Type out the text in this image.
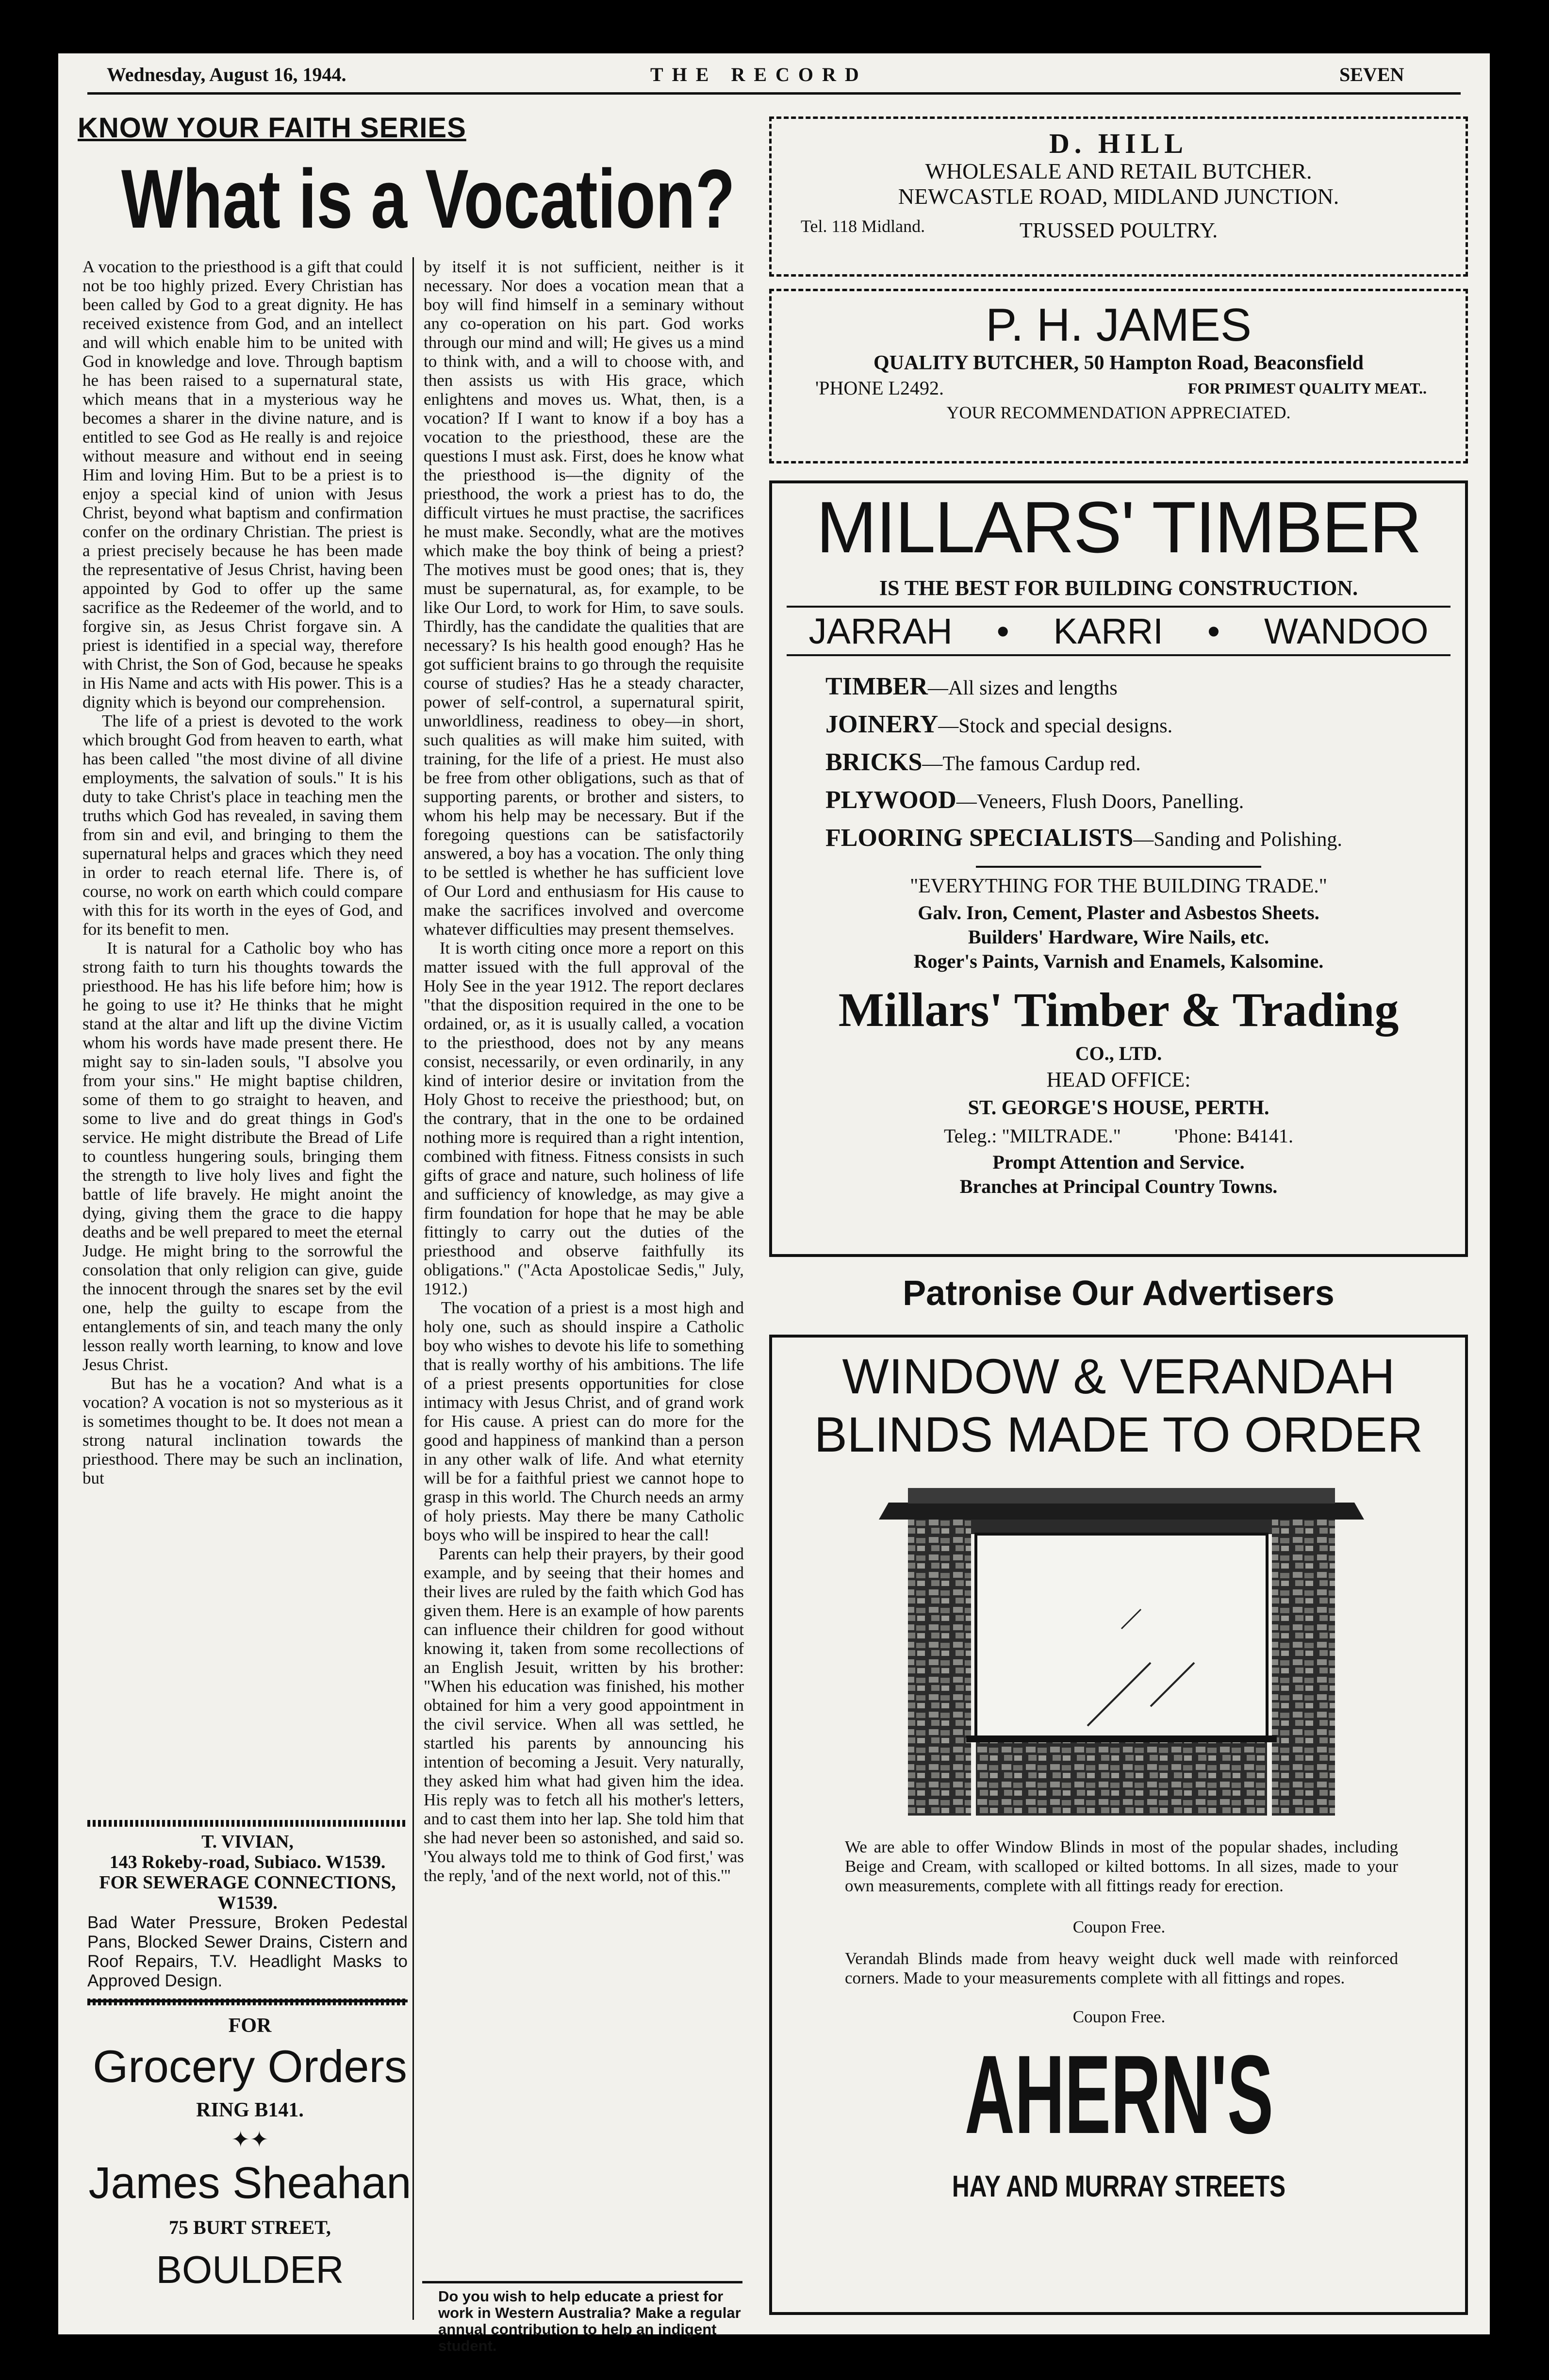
Wednesday, August 16, 1944.	THE RECORD	SEVEN
KNOW YOUR FAITH SERIES
What is a Vocation?

A vocation to the priesthood is a gift that could not be too highly prized. Every Christian has been called by God to a great dignity. He has received existence from God, and an intellect and will which enable him to be united with God in knowledge and love. Through baptism he has been raised to a supernatural state, which means that in a mysterious way he becomes a sharer in the divine nature, and is entitled to see God as He really is and rejoice without measure and without end in seeing Him and loving Him. But to be a priest is to enjoy a special kind of union with Jesus Christ, beyond what baptism and confirmation confer on the ordinary Christian. The priest is a priest precisely because he has been made the representative of Jesus Christ, having been appointed by God to offer up the same sacrifice as the Redeemer of the world, and to forgive sin, as Jesus Christ forgave sin. A priest is identified in a special way, therefore with Christ, the Son of God, because he speaks in His Name and acts with His power. This is a dignity which is beyond our comprehension.
The life of a priest is devoted to the work which brought God from heaven to earth, what has been called "the most divine of all divine employments, the salvation of souls." It is his duty to take Christ's place in teaching men the truths which God has revealed, in saving them from sin and evil, and bringing to them the supernatural helps and graces which they need in order to reach eternal life. There is, of course, no work on earth which could compare with this for its worth in the eyes of God, and for its benefit to men.
It is natural for a Catholic boy who has strong faith to turn his thoughts towards the priesthood. He has his life before him; how is he going to use it? He thinks that he might stand at the altar and lift up the divine Victim whom his words have made present there. He might say to sin-laden souls, "I absolve you from your sins." He might baptise children, some of them to go straight to heaven, and some to live and do great things in God's service. He might distribute the Bread of Life to countless hungering souls, bringing them the strength to live holy lives and fight the battle of life bravely. He might anoint the dying, giving them the grace to die happy deaths and be well prepared to meet the eternal Judge. He might bring to the sorrowful the consolation that only religion can give, guide the innocent through the snares set by the evil one, help the guilty to escape from the entanglements of sin, and teach many the only lesson really worth learning, to know and love Jesus Christ.
But has he a vocation? And what is a vocation? A vocation is not so mysterious as it is sometimes thought to be. It does not mean a strong natural inclination towards the priesthood. There may be such an inclination, but

by itself it is not sufficient, neither is it necessary. Nor does a vocation mean that a boy will find himself in a seminary without any co-operation on his part. God works through our mind and will; He gives us a mind to think with, and a will to choose with, and then assists us with His grace, which enlightens and moves us. What, then, is a vocation? If I want to know if a boy has a vocation to the priesthood, these are the questions I must ask. First, does he know what the priesthood is—the dignity of the priesthood, the work a priest has to do, the difficult virtues he must practise, the sacrifices he must make. Secondly, what are the motives which make the boy think of being a priest? The motives must be good ones; that is, they must be supernatural, as, for example, to be like Our Lord, to work for Him, to save souls. Thirdly, has the candidate the qualities that are necessary? Is his health good enough? Has he got sufficient brains to go through the requisite course of studies? Has he a steady character, power of self-control, a supernatural spirit, unworldliness, readiness to obey—in short, such qualities as will make him suited, with training, for the life of a priest. He must also be free from other obligations, such as that of supporting parents, or brother and sisters, to whom his help may be necessary. But if the foregoing questions can be satisfactorily answered, a boy has a vocation. The only thing to be settled is whether he has sufficient love of Our Lord and enthusiasm for His cause to make the sacrifices involved and overcome whatever difficulties may present themselves.
It is worth citing once more a report on this matter issued with the full approval of the Holy See in the year 1912. The report declares "that the disposition required in the one to be ordained, or, as it is usually called, a vocation to the priesthood, does not by any means consist, necessarily, or even ordinarily, in any kind of interior desire or invitation from the Holy Ghost to receive the priesthood; but, on the contrary, that in the one to be ordained nothing more is required than a right intention, combined with fitness. Fitness consists in such gifts of grace and nature, such holiness of life and sufficiency of knowledge, as may give a firm foundation for hope that he may be able fittingly to carry out the duties of the priesthood and observe faithfully its obligations." ("Acta Apostolicae Sedis," July, 1912.)
The vocation of a priest is a most high and holy one, such as should inspire a Catholic boy who wishes to devote his life to something that is really worthy of his ambitions. The life of a priest presents opportunities for close intimacy with Jesus Christ, and of grand work for His cause. A priest can do more for the good and happiness of mankind than a person in any other walk of life. And what eternity will be for a faithful priest we cannot hope to grasp in this world. The Church needs an army of holy priests. May there be many Catholic boys who will be inspired to hear the call!
Parents can help their prayers, by their good example, and by seeing that their homes and their lives are ruled by the faith which God has given them. Here is an example of how parents can influence their children for good without knowing it, taken from some recollections of an English Jesuit, written by his brother: "When his education was finished, his mother obtained for him a very good appointment in the civil service. When all was settled, he startled his parents by announcing his intention of becoming a Jesuit. Very naturally, they asked him what had given him the idea. His reply was to fetch all his mother's letters, and to cast them into her lap. She told him that she had never been so astonished, and said so. 'You always told me to think of God first,' was the reply, 'and of the next world, not of this.'"

Do you wish to help educate a priest for work in Western Australia? Make a regular annual contribution to help an indigent student.
T. VIVIAN,
143 Rokeby-road, Subiaco. W1539.
FOR SEWERAGE CONNECTIONS,
W1539.
Bad Water Pressure, Broken Pedestal Pans, Blocked Sewer Drains, Cistern and Roof Repairs, T.V. Headlight Masks to Approved Design.
FOR
Grocery Orders
RING B141.
✦✦
James Sheahan
75 BURT STREET,
BOULDER
D. HILL
WHOLESALE AND RETAIL BUTCHER.
NEWCASTLE ROAD, MIDLAND JUNCTION.
Tel. 118 Midland.	TRUSSED POULTRY.
P. H. JAMES
QUALITY BUTCHER, 50 Hampton Road, Beaconsfield
'PHONE L2492.	FOR PRIMEST QUALITY MEAT..
YOUR RECOMMENDATION APPRECIATED.
MILLARS' TIMBER
IS THE BEST FOR BUILDING CONSTRUCTION.
JARRAH • KARRI • WANDOO
TIMBER—All sizes and lengths
JOINERY—Stock and special designs.
BRICKS—The famous Cardup red.
PLYWOOD—Veneers, Flush Doors, Panelling.
FLOORING SPECIALISTS—Sanding and Polishing.
"EVERYTHING FOR THE BUILDING TRADE."
Galv. Iron, Cement, Plaster and Asbestos Sheets.
Builders' Hardware, Wire Nails, etc.
Roger's Paints, Varnish and Enamels, Kalsomine.
Millars' Timber & Trading
CO., LTD.
HEAD OFFICE:
ST. GEORGE'S HOUSE, PERTH.
Teleg.: "MILTRADE."	'Phone: B4141.
Prompt Attention and Service.
Branches at Principal Country Towns.
Patronise Our Advertisers
WINDOW & VERANDAH
BLINDS MADE TO ORDER
We are able to offer Window Blinds in most of the popular shades, including Beige and Cream, with scalloped or kilted bottoms. In all sizes, made to your own measurements, complete with all fittings ready for erection.
Coupon Free.
Verandah Blinds made from heavy weight duck well made with reinforced corners. Made to your measurements complete with all fittings and ropes.
Coupon Free.
AHERN'S
HAY AND MURRAY STREETS
